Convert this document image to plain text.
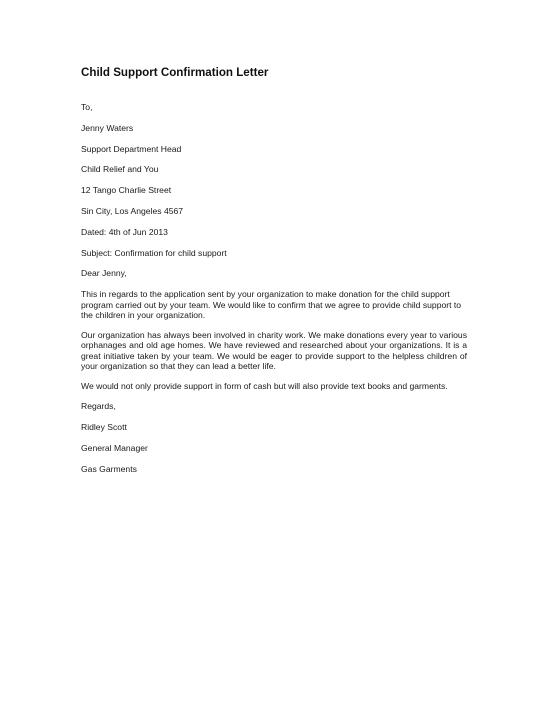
Child Support Confirmation Letter
To,
Jenny Waters
Support Department Head
Child Relief and You
12 Tango Charlie Street
Sin City, Los Angeles 4567
Dated: 4th of Jun 2013
Subject: Confirmation for child support
Dear Jenny,
This in regards to the application sent by your organization to make donation for the child support program carried out by your team. We would like to confirm that we agree to provide child support to the children in your organization.
Our organization has always been involved in charity work. We make donations every year to various orphanages and old age homes. We have reviewed and researched about your organizations. It is a great initiative taken by your team. We would be eager to provide support to the helpless children of your organization so that they can lead a better life.
We would not only provide support in form of cash but will also provide text books and garments.
Regards,
Ridley Scott
General Manager
Gas Garments
